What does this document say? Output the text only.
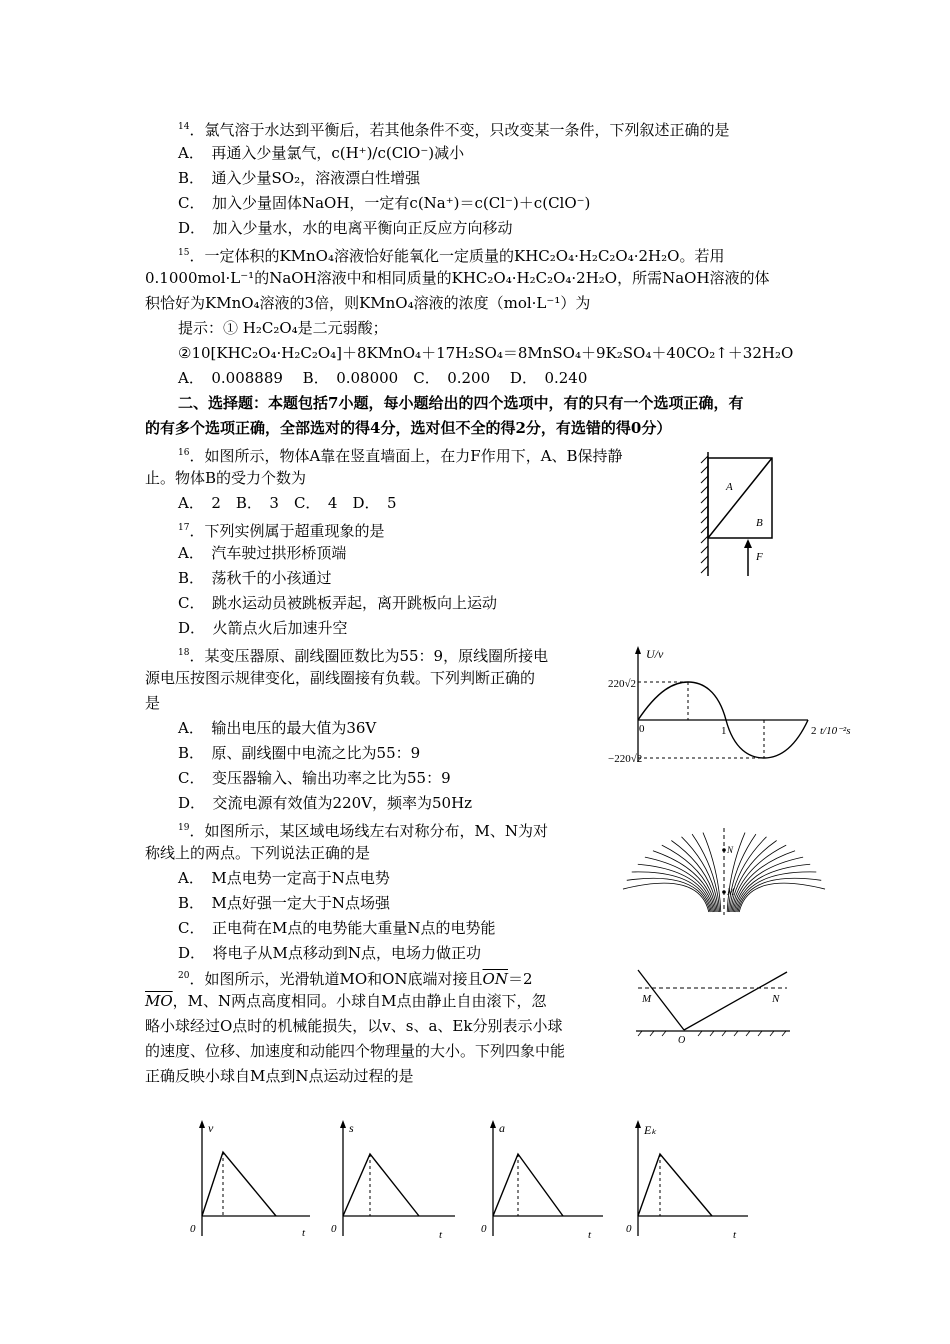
$^{14}$．氯气溶于水达到平衡后，若其他条件不变，只改变某一条件，下列叙述正确的是
A．　再通入少量氯气，c(H⁺)/c(ClO⁻)减小
B．　通入少量SO₂，溶液漂白性增强
C．　加入少量固体NaOH，一定有c(Na⁺)＝c(Cl⁻)＋c(ClO⁻)
D．　加入少量水，水的电离平衡向正反应方向移动
$^{15}$．一定体积的KMnO₄溶液恰好能氧化一定质量的KHC₂O₄·H₂C₂O₄·2H₂O。若用
0.1000mol·L⁻¹的NaOH溶液中和相同质量的KHC₂O₄·H₂C₂O₄·2H₂O，所需NaOH溶液的体
积恰好为KMnO₄溶液的3倍，则KMnO₄溶液的浓度（mol·L⁻¹）为
提示：① H₂C₂O₄是二元弱酸；
②10[KHC₂O₄·H₂C₂O₄]＋8KMnO₄＋17H₂SO₄＝8MnSO₄＋9K₂SO₄＋40CO₂↑＋32H₂O
A．　0.008889　 B．　0.08000　C．　0.200　 D．　0.240
二、选择题：本题包括7小题，每小题给出的四个选项中，有的只有一个选项正确，有
的有多个选项正确，全部选对的得4分，选对但不全的得2分，有选错的得0分）
$^{16}$．如图所示，物体A靠在竖直墙面上，在力F作用下，A、B保持静
止。物体B的受力个数为
A．　2　B．　3　C．　4　D．　5
A
B
F
$^{17}$．下列实例属于超重现象的是
A．　汽车驶过拱形桥顶端
B．　荡秋千的小孩通过
C．　跳水运动员被跳板弄起，离开跳板向上运动
D．　火箭点火后加速升空
$^{18}$．某变压器原、副线圈匝数比为55：9，原线圈所接电
源电压按图示规律变化，副线圈接有负载。下列判断正确的
是
A．　输出电压的最大值为36V
B．　原、副线圈中电流之比为55：9
C．　变压器输入、输出功率之比为55：9
D．　交流电源有效值为220V，频率为50Hz
U/v
0
220√2
−220√2
1	2 t/10⁻²s
$^{19}$．如图所示，某区域电场线左右对称分布，M、N为对
称线上的两点。下列说法正确的是
A．　M点电势一定高于N点电势
B．　M点好强一定大于N点场强
C．　正电荷在M点的电势能大重量N点的电势能
D．　将电子从M点移动到N点，电场力做正功
N
M
$^{20}$．如图所示，光滑轨道MO和ON底端对接且$\overline{ON}=2$
$\overline{MO}$，M、N两点高度相同。小球自M点由静止自由滚下，忽
略小球经过O点时的机械能损失，以v、s、a、Ek分别表示小球
的速度、位移、加速度和动能四个物理量的大小。下列四象中能
正确反映小球自M点到N点运动过程的是
M	N
O
v
0	t
s
0	t
a
0	t
Eₖ
0	t
